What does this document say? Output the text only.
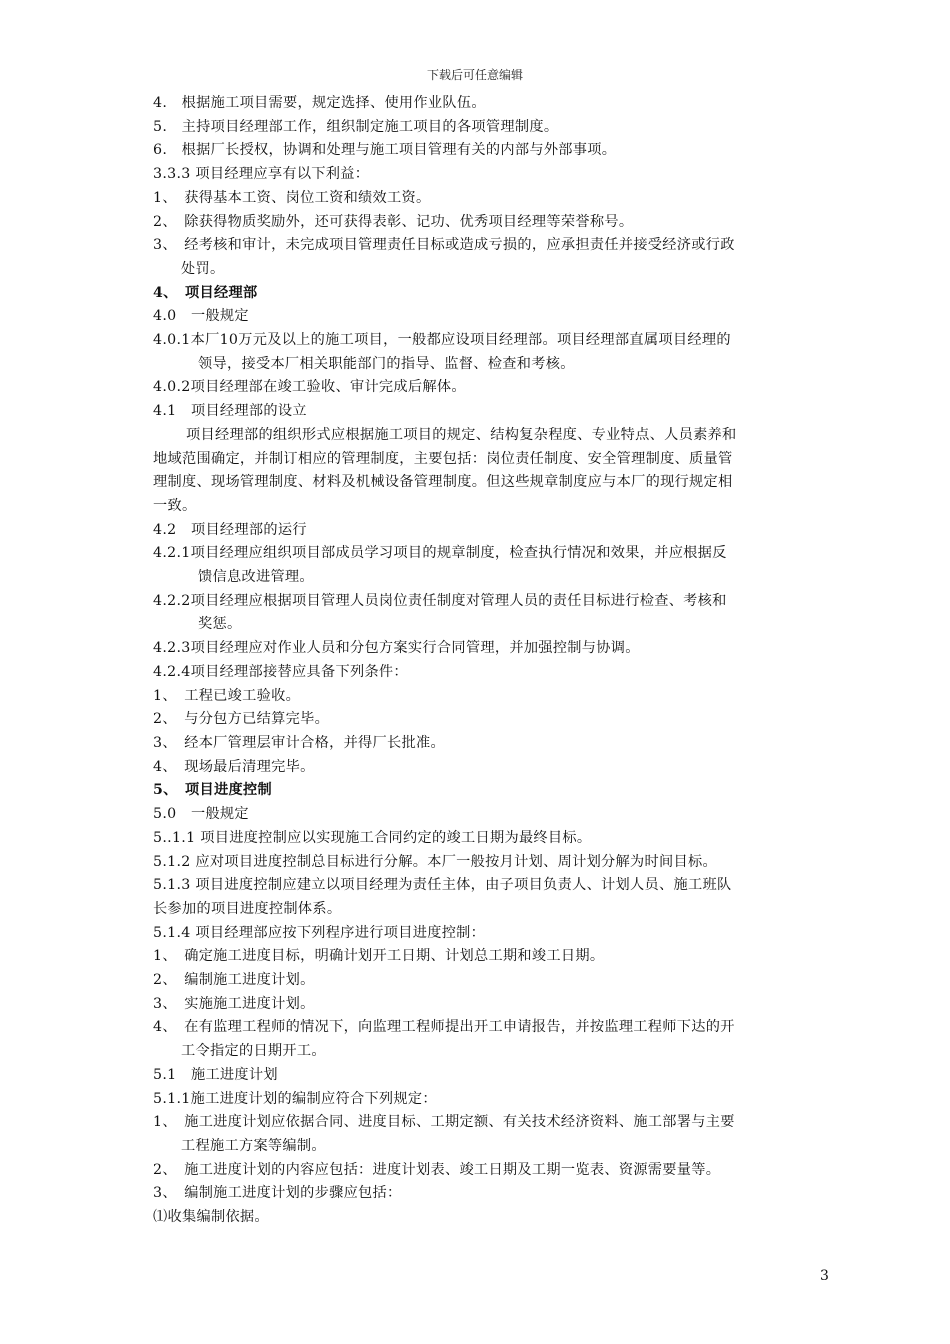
下载后可任意编辑
4.　根据施工项目需要，规定选择、使用作业队伍。
5.　主持项目经理部工作，组织制定施工项目的各项管理制度。
6.　根据厂长授权，协调和处理与施工项目管理有关的内部与外部事项。
3.3.3 项目经理应享有以下利益：
1、　获得基本工资、岗位工资和绩效工资。
2、　除获得物质奖励外，还可获得表彰、记功、优秀项目经理等荣誉称号。
3、　经考核和审计，未完成项目管理责任目标或造成亏损的，应承担责任并接受经济或行政
处罚。
4、　项目经理部
4.0　一般规定
4.0.1本厂10万元及以上的施工项目，一般都应设项目经理部。项目经理部直属项目经理的
领导，接受本厂相关职能部门的指导、监督、检查和考核。
4.0.2项目经理部在竣工验收、审计完成后解体。
4.1　项目经理部的设立
项目经理部的组织形式应根据施工项目的规定、结构复杂程度、专业特点、人员素养和
地域范围确定，并制订相应的管理制度，主要包括：岗位责任制度、安全管理制度、质量管
理制度、现场管理制度、材料及机械设备管理制度。但这些规章制度应与本厂的现行规定相
一致。
4.2　项目经理部的运行
4.2.1项目经理应组织项目部成员学习项目的规章制度，检查执行情况和效果，并应根据反
馈信息改进管理。
4.2.2项目经理应根据项目管理人员岗位责任制度对管理人员的责任目标进行检查、考核和
奖惩。
4.2.3项目经理应对作业人员和分包方案实行合同管理，并加强控制与协调。
4.2.4项目经理部接替应具备下列条件：
1、　工程已竣工验收。
2、　与分包方已结算完毕。
3、　经本厂管理层审计合格，并得厂长批准。
4、　现场最后清理完毕。
5、　项目进度控制
5.0　一般规定
5..1.1 项目进度控制应以实现施工合同约定的竣工日期为最终目标。
5.1.2 应对项目进度控制总目标进行分解。本厂一般按月计划、周计划分解为时间目标。
5.1.3 项目进度控制应建立以项目经理为责任主体，由子项目负责人、计划人员、施工班队
长参加的项目进度控制体系。
5.1.4 项目经理部应按下列程序进行项目进度控制：
1、　确定施工进度目标，明确计划开工日期、计划总工期和竣工日期。
2、　编制施工进度计划。
3、　实施施工进度计划。
4、　在有监理工程师的情况下，向监理工程师提出开工申请报告，并按监理工程师下达的开
工令指定的日期开工。
5.1　施工进度计划
5.1.1施工进度计划的编制应符合下列规定：
1、　施工进度计划应依据合同、进度目标、工期定额、有关技术经济资料、施工部署与主要
工程施工方案等编制。
2、　施工进度计划的内容应包括：进度计划表、竣工日期及工期一览表、资源需要量等。
3、　编制施工进度计划的步骤应包括：
⑴收集编制依据。
3
